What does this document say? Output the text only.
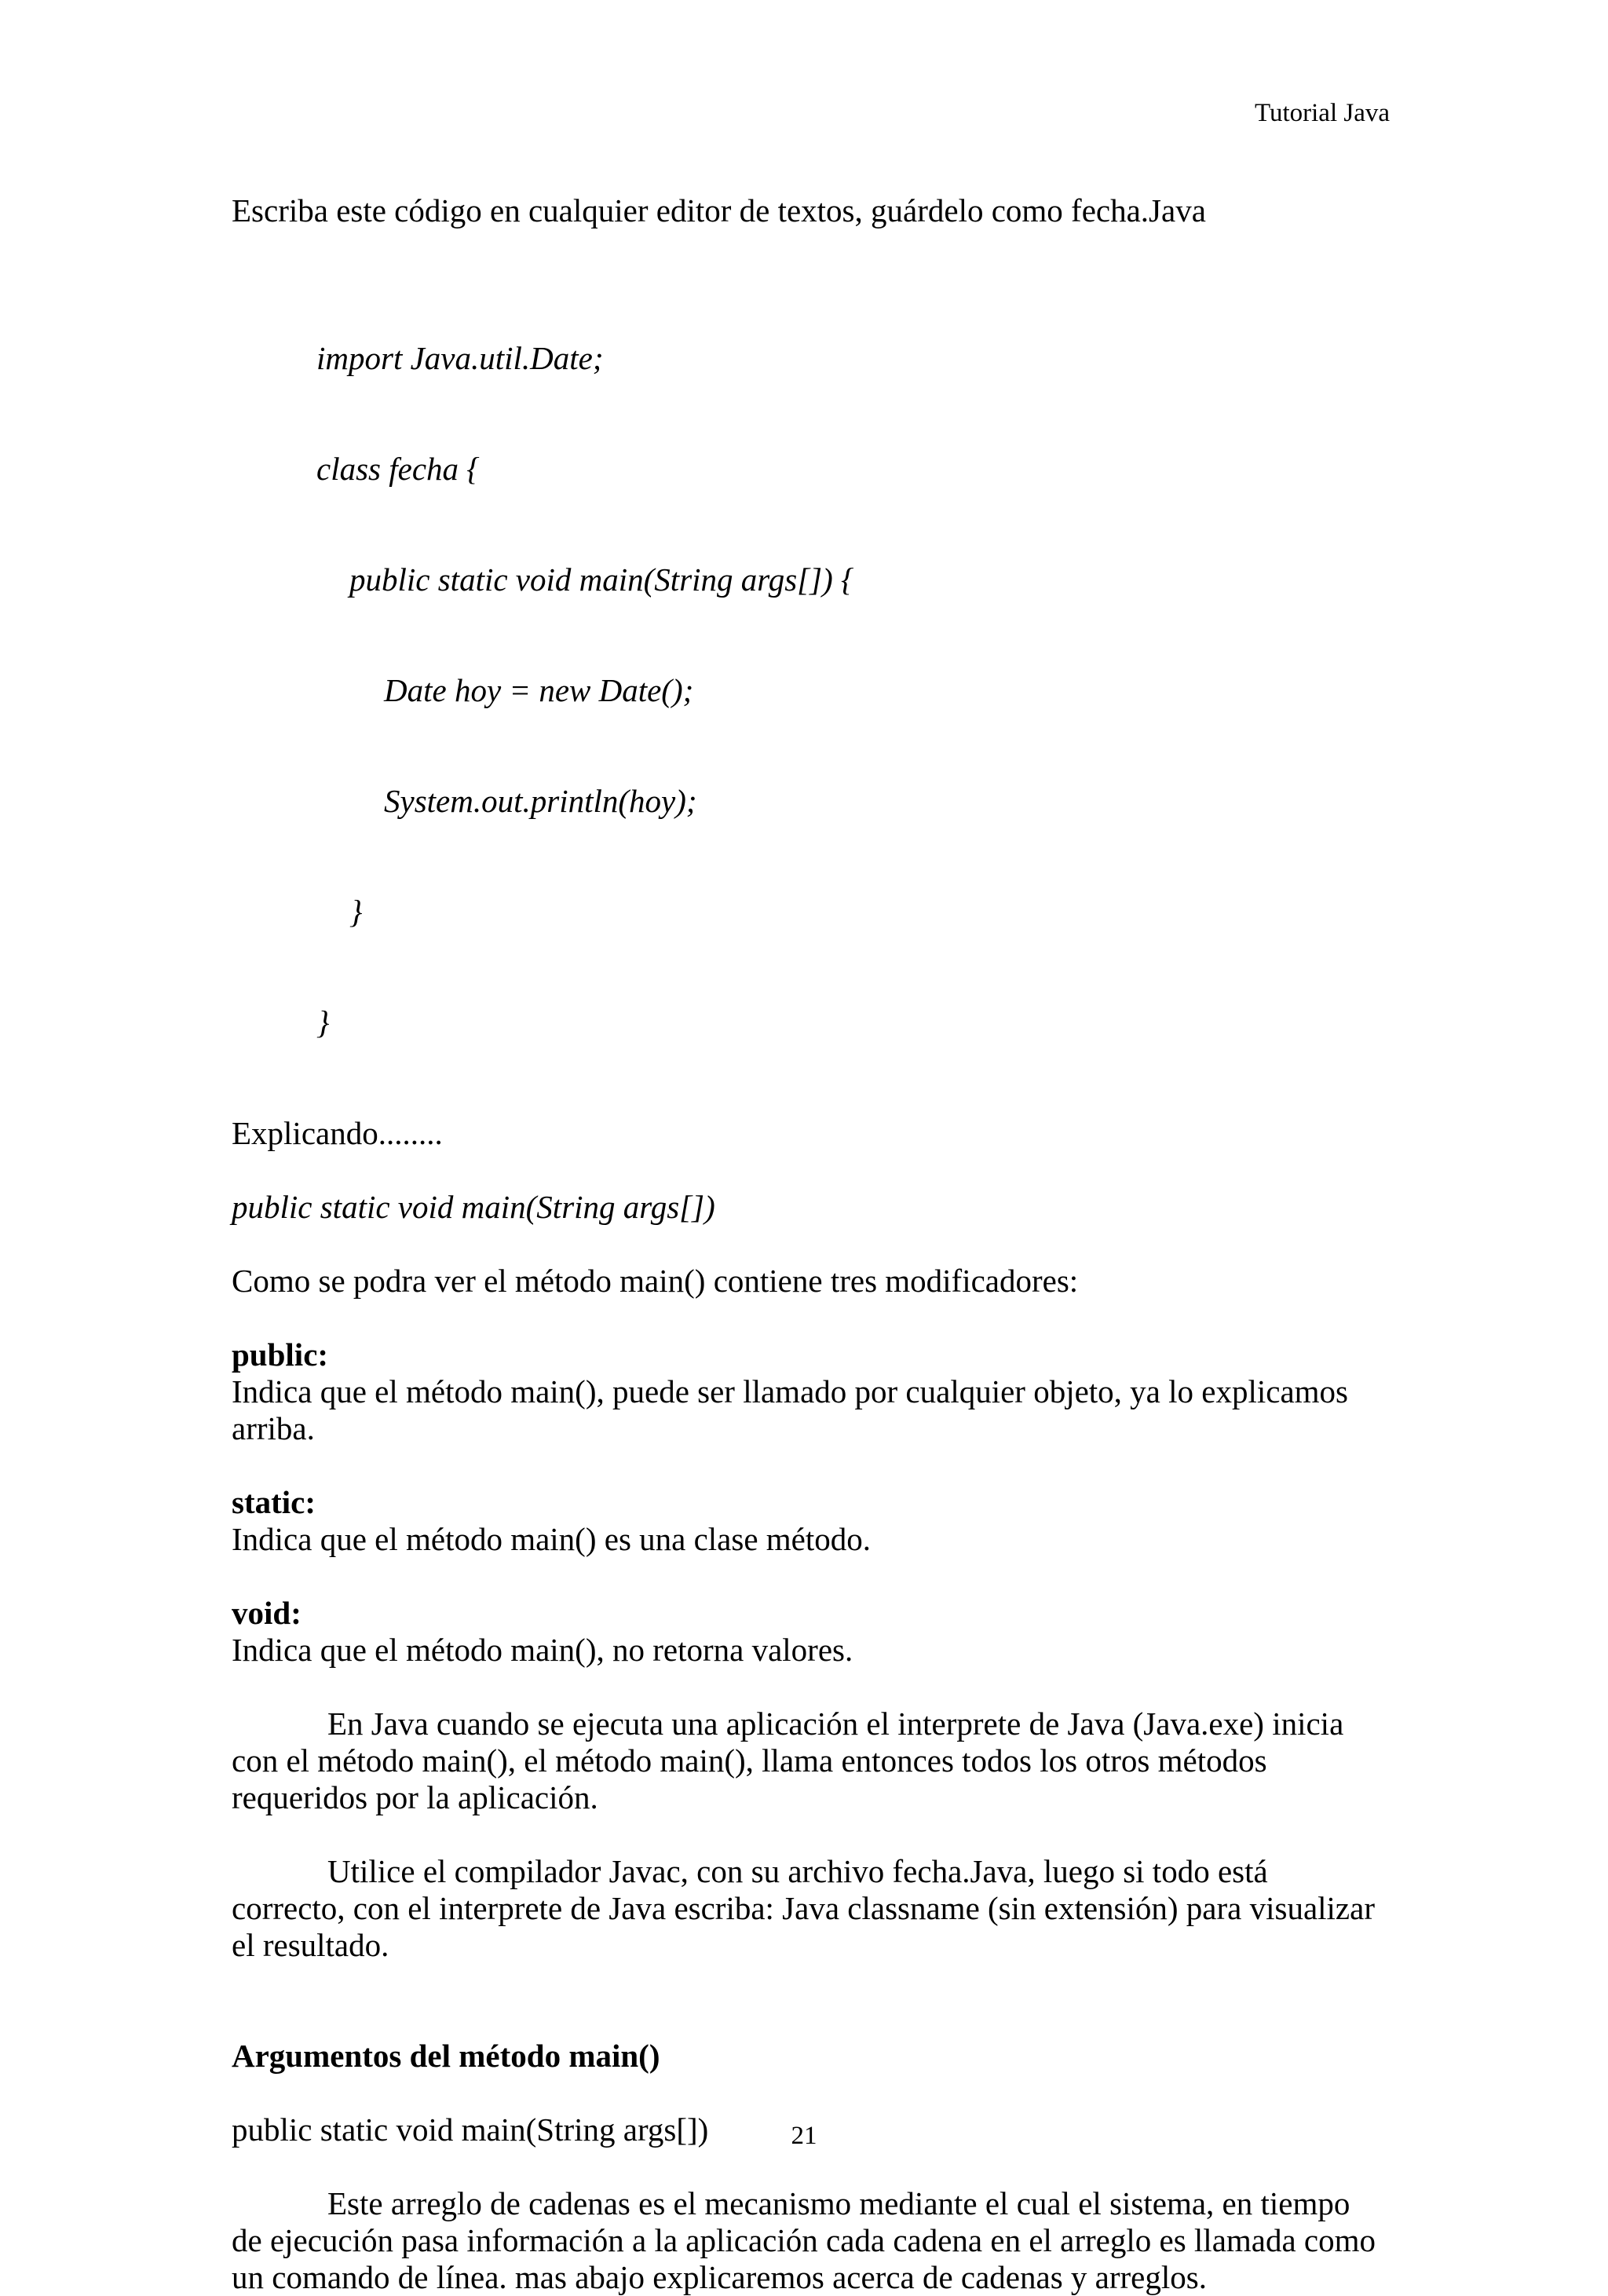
Tutorial Java

Escriba este código en cualquier editor de textos, guárdelo como fecha.Java

import Java.util.Date;

class fecha {

public static void main(String args[]) {

Date hoy = new Date();

System.out.println(hoy);

}

}

Explicando........

public static void main(String args[])

Como se podra ver el método main() contiene tres modificadores:

public:

Indica que el método main(), puede ser llamado por cualquier objeto, ya lo explicamos arriba.

static:

Indica que el método main() es una clase método.

void:

Indica que el método main(), no retorna valores.

En Java cuando se ejecuta una aplicación el interprete de Java (Java.exe) inicia con el método main(), el método main(), llama entonces todos los otros métodos requeridos por la aplicación.

Utilice el compilador Javac, con su archivo fecha.Java, luego si todo está correcto, con el interprete de Java escriba: Java classname (sin extensión) para visualizar el resultado.

Argumentos del método main()

public static void main(String args[])

Este arreglo de cadenas es el mecanismo mediante el cual el sistema, en tiempo de ejecución pasa información a la aplicación cada cadena en el arreglo es llamada como un comando de línea. mas abajo explicaremos acerca de cadenas y arreglos.

21
